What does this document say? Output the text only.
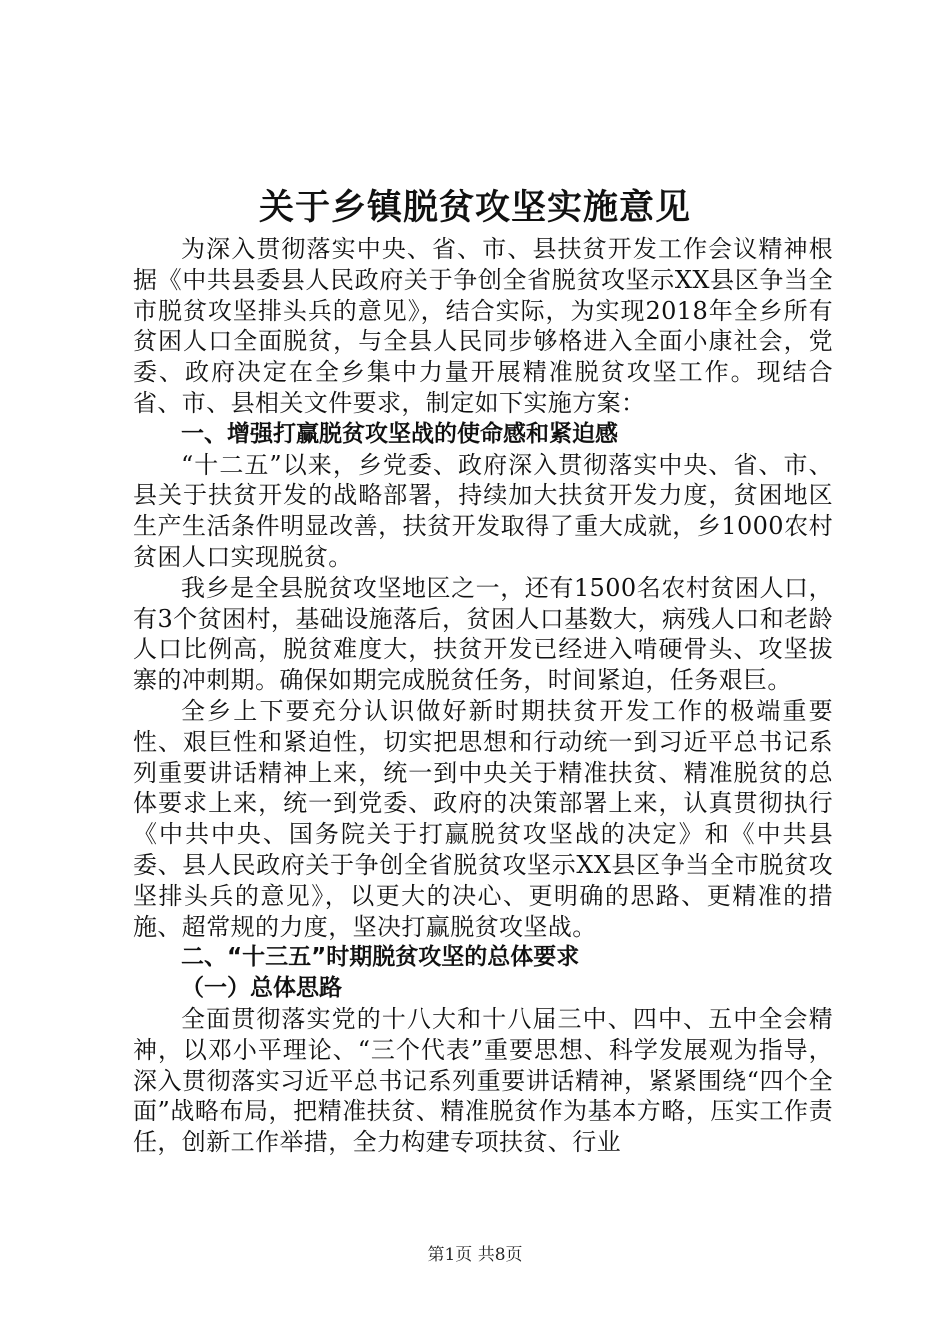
关于乡镇脱贫攻坚实施意见

为深入贯彻落实中央、省、市、县扶贫开发工作会议精神根据《中共县委县人民政府关于争创全省脱贫攻坚示XX县区争当全市脱贫攻坚排头兵的意见》，结合实际，为实现2018年全乡所有贫困人口全面脱贫，与全县人民同步够格进入全面小康社会，党委、政府决定在全乡集中力量开展精准脱贫攻坚工作。现结合省、市、县相关文件要求，制定如下实施方案：

一、增强打赢脱贫攻坚战的使命感和紧迫感

“十二五”以来，乡党委、政府深入贯彻落实中央、省、市、县关于扶贫开发的战略部署，持续加大扶贫开发力度，贫困地区生产生活条件明显改善，扶贫开发取得了重大成就，乡1000农村贫困人口实现脱贫。

我乡是全县脱贫攻坚地区之一，还有1500名农村贫困人口，有3个贫困村，基础设施落后，贫困人口基数大，病残人口和老龄人口比例高，脱贫难度大，扶贫开发已经进入啃硬骨头、攻坚拔寨的冲刺期。确保如期完成脱贫任务，时间紧迫，任务艰巨。

全乡上下要充分认识做好新时期扶贫开发工作的极端重要性、艰巨性和紧迫性，切实把思想和行动统一到习近平总书记系列重要讲话精神上来，统一到中央关于精准扶贫、精准脱贫的总体要求上来，统一到党委、政府的决策部署上来，认真贯彻执行《中共中央、国务院关于打赢脱贫攻坚战的决定》和《中共县委、县人民政府关于争创全省脱贫攻坚示XX县区争当全市脱贫攻坚排头兵的意见》，以更大的决心、更明确的思路、更精准的措施、超常规的力度，坚决打赢脱贫攻坚战。

二、“十三五”时期脱贫攻坚的总体要求

（一）总体思路

全面贯彻落实党的十八大和十八届三中、四中、五中全会精神，以邓小平理论、“三个代表”重要思想、科学发展观为指导，深入贯彻落实习近平总书记系列重要讲话精神，紧紧围绕“四个全面”战略布局，把精准扶贫、精准脱贫作为基本方略，压实工作责任，创新工作举措，全力构建专项扶贫、行业

第1页 共8页
